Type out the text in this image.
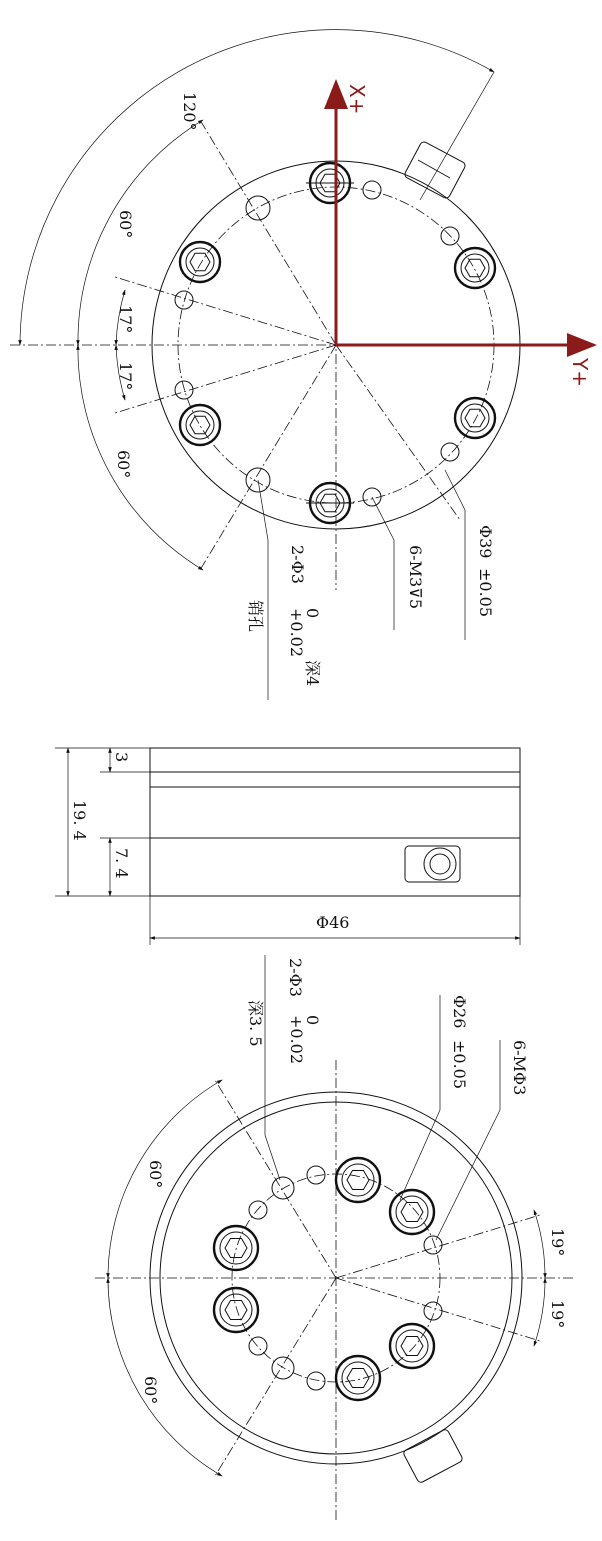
120°
60°
17°
17°
60°
2-Φ3
+0.02
0
深4
销孔
6-M3⊽5
Φ39
±0.05
X+
Y+
3
19. 4
7. 4
Φ46
60°
60°
19°
19°
2-Φ3
+0.02
0
深3. 5	Φ26
±0.05	6-MΦ3
